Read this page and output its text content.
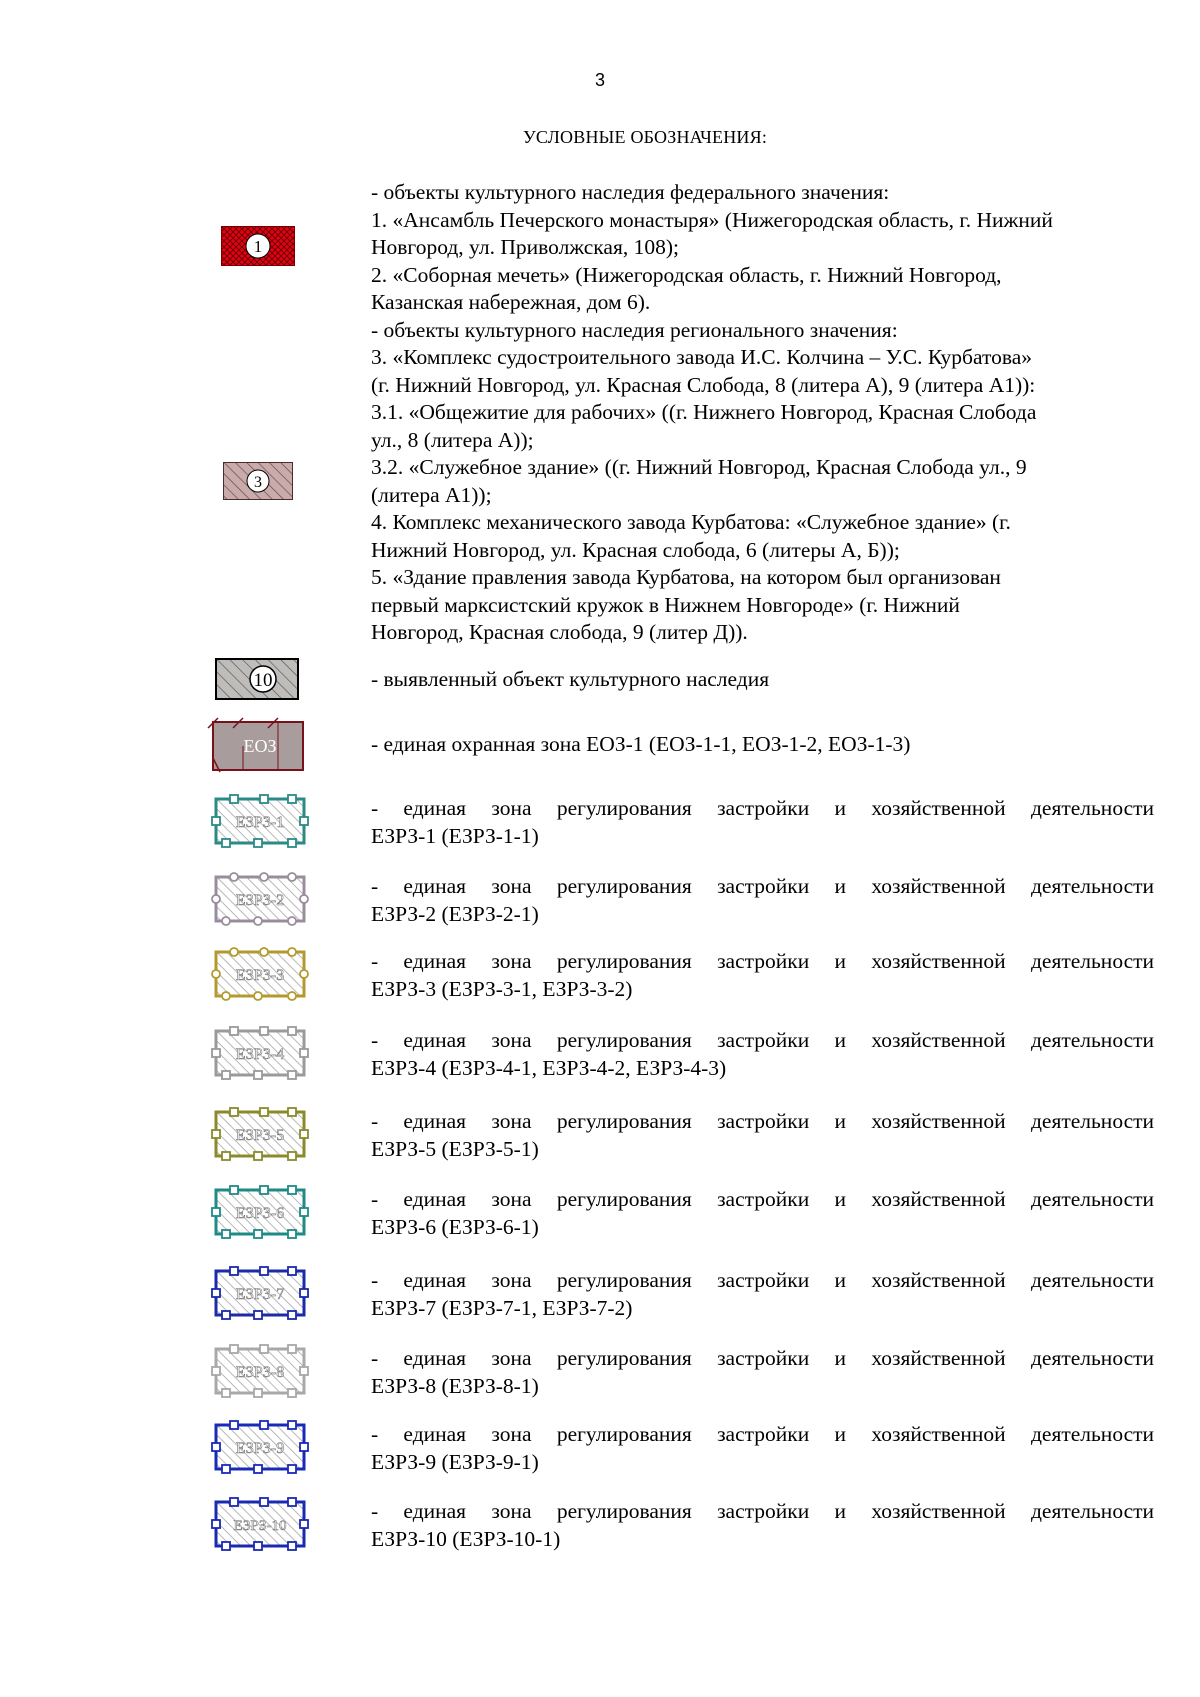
3
УСЛОВНЫЕ ОБОЗНАЧЕНИЯ:
- объекты культурного наследия федерального значения:
1. «Ансамбль Печерского монастыря» (Нижегородская область, г. Нижний
Новгород, ул. Приволжская, 108);
2. «Соборная мечеть» (Нижегородская область, г. Нижний Новгород,
Казанская набережная, дом 6).
- объекты культурного наследия регионального значения:
3. «Комплекс судостроительного завода И.С. Колчина – У.С. Курбатова»
(г. Нижний Новгород, ул. Красная Слобода, 8 (литера А), 9 (литера А1)):
3.1. «Общежитие для рабочих» ((г. Нижнего Новгород, Красная Слобода
ул., 8 (литера А));
3.2. «Служебное здание» ((г. Нижний Новгород, Красная Слобода ул., 9
(литера А1));
4. Комплекс механического завода Курбатова: «Служебное здание» (г.
Нижний Новгород, ул. Красная слобода, 6 (литеры А, Б));
5. «Здание правления завода Курбатова, на котором был организован
первый марксистский кружок в Нижнем Новгороде» (г. Нижний
Новгород, Красная слобода, 9 (литер Д)).
1
3
10	- выявленный объект культурного наследия
ЕОЗ	- единая охранная зона ЕОЗ-1 (ЕОЗ-1-1, ЕОЗ-1-2, ЕОЗ-1-3)
ЕЗРЗ-1
- единая зона регулирования застройки и хозяйственной деятельности
ЕЗРЗ-1 (ЕЗРЗ-1-1)
ЕЗРЗ-2
- единая зона регулирования застройки и хозяйственной деятельности
ЕЗРЗ-2 (ЕЗРЗ-2-1)
ЕЗРЗ-3
- единая зона регулирования застройки и хозяйственной деятельности
ЕЗРЗ-3 (ЕЗРЗ-3-1, ЕЗРЗ-3-2)
ЕЗРЗ-4
- единая зона регулирования застройки и хозяйственной деятельности
ЕЗРЗ-4 (ЕЗРЗ-4-1, ЕЗРЗ-4-2, ЕЗРЗ-4-3)
ЕЗРЗ-5
- единая зона регулирования застройки и хозяйственной деятельности
ЕЗРЗ-5 (ЕЗРЗ-5-1)
ЕЗРЗ-6
- единая зона регулирования застройки и хозяйственной деятельности
ЕЗРЗ-6 (ЕЗРЗ-6-1)
ЕЗРЗ-7
- единая зона регулирования застройки и хозяйственной деятельности
ЕЗРЗ-7 (ЕЗРЗ-7-1, ЕЗРЗ-7-2)
ЕЗРЗ-8
- единая зона регулирования застройки и хозяйственной деятельности
ЕЗРЗ-8 (ЕЗРЗ-8-1)
ЕЗРЗ-9
- единая зона регулирования застройки и хозяйственной деятельности
ЕЗРЗ-9 (ЕЗРЗ-9-1)
ЕЗРЗ-10
- единая зона регулирования застройки и хозяйственной деятельности
ЕЗРЗ-10 (ЕЗРЗ-10-1)
